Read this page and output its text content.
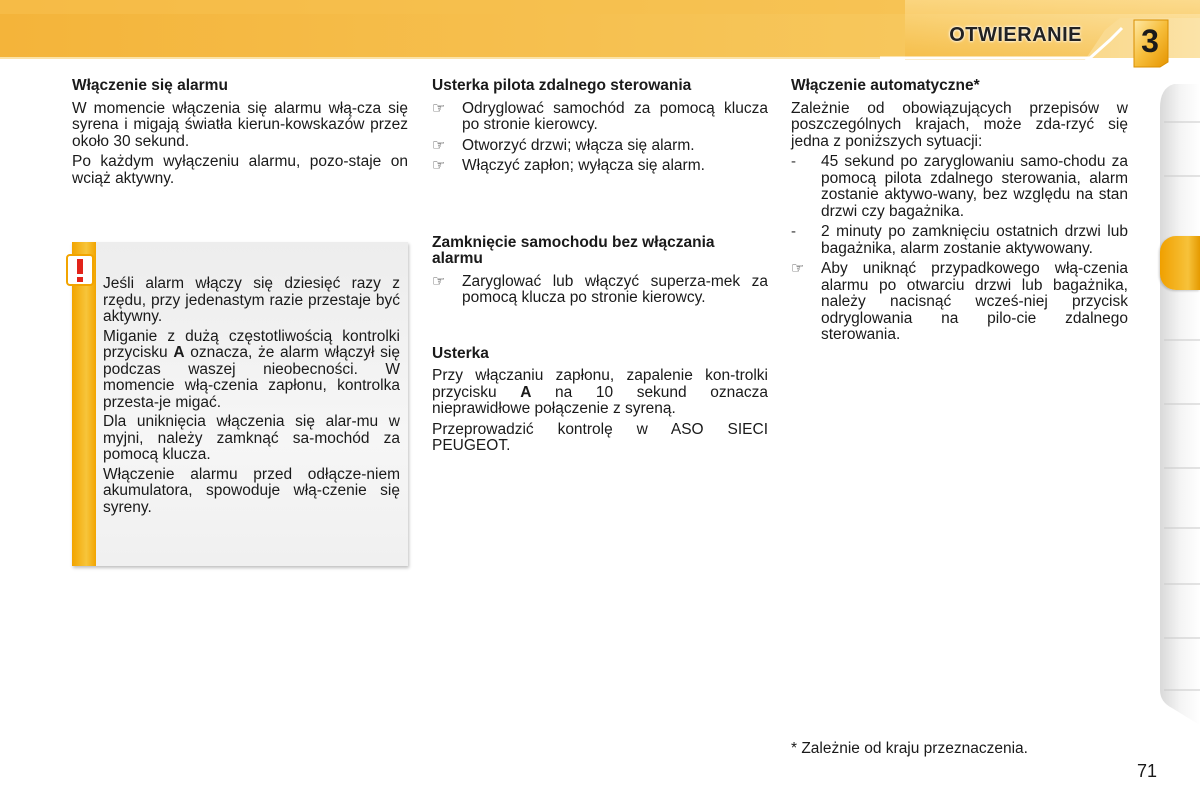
OTWIERANIE	3
Włączenie się alarmu
W momencie włączenia się alarmu włą-cza się syrena i migają światła kierun-kowskazów przez około 30 sekund.
Po każdym wyłączeniu alarmu, pozo-staje on wciąż aktywny.
Jeśli alarm włączy się dziesięć razy z rzędu, przy jedenastym razie przestaje być aktywny.
Miganie z dużą częstotliwością kontrolki przycisku A oznacza, że alarm włączył się podczas waszej nieobecności. W momencie włą-czenia zapłonu, kontrolka przesta-je migać.
Dla uniknięcia włączenia się alar-mu w myjni, należy zamknąć sa-mochód za pomocą klucza.
Włączenie alarmu przed odłącze-niem akumulatora, spowoduje włą-czenie się syreny.
Usterka pilota zdalnego sterowania
☞	Odryglować samochód za pomocą klucza po stronie kierowcy.
☞	Otworzyć drzwi; włącza się alarm.
☞	Włączyć zapłon; wyłącza się alarm.
Zamknięcie samochodu bez włączania alarmu
☞	Zaryglować lub włączyć superza-mek za pomocą klucza po stronie kierowcy.
Usterka
Przy włączaniu zapłonu, zapalenie kon-trolki przycisku A na 10 sekund oznacza nieprawidłowe połączenie z syreną.
Przeprowadzić kontrolę w ASO SIECI PEUGEOT.
Włączenie automatyczne*
Zależnie od obowiązujących przepisów w poszczególnych krajach, może zda-rzyć się jedna z poniższych sytuacji:
-	45 sekund po zaryglowaniu samo-chodu za pomocą pilota zdalnego sterowania, alarm zostanie aktywo-wany, bez względu na stan drzwi czy bagażnika.
-	2 minuty po zamknięciu ostatnich drzwi lub bagażnika, alarm zostanie aktywowany.
☞	Aby uniknąć przypadkowego włą-czenia alarmu po otwarciu drzwi lub bagażnika, należy nacisnąć wcześ-niej przycisk odryglowania na pilo-cie zdalnego sterowania.
* Zależnie od kraju przeznaczenia.
71
